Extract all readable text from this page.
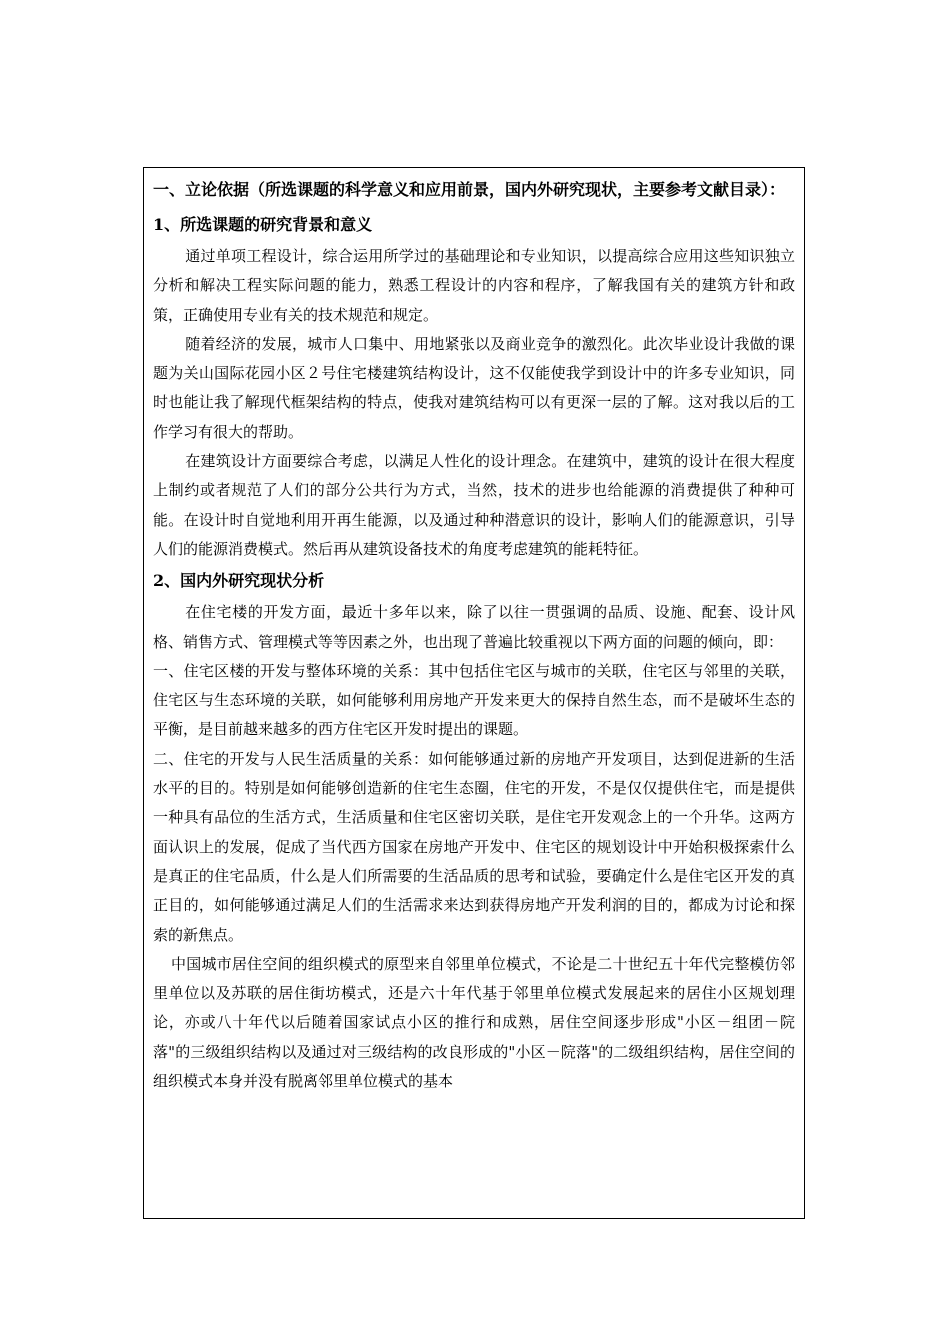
一、立论依据（所选课题的科学意义和应用前景，国内外研究现状，主要参考文献目录）：

1、所选课题的研究背景和意义

通过单项工程设计，综合运用所学过的基础理论和专业知识，以提高综合应用这些知识独立分析和解决工程实际问题的能力，熟悉工程设计的内容和程序，了解我国有关的建筑方针和政策，正确使用专业有关的技术规范和规定。

随着经济的发展，城市人口集中、用地紧张以及商业竞争的激烈化。此次毕业设计我做的课题为关山国际花园小区２号住宅楼建筑结构设计，这不仅能使我学到设计中的许多专业知识，同时也能让我了解现代框架结构的特点，使我对建筑结构可以有更深一层的了解。这对我以后的工作学习有很大的帮助。

在建筑设计方面要综合考虑，以满足人性化的设计理念。在建筑中，建筑的设计在很大程度上制约或者规范了人们的部分公共行为方式，当然，技术的进步也给能源的消费提供了种种可能。在设计时自觉地利用开再生能源，以及通过种种潜意识的设计，影响人们的能源意识，引导人们的能源消费模式。然后再从建筑设备技术的角度考虑建筑的能耗特征。

2、国内外研究现状分析

在住宅楼的开发方面，最近十多年以来，除了以往一贯强调的品质、设施、配套、设计风格、销售方式、管理模式等等因素之外，也出现了普遍比较重视以下两方面的问题的倾向，即：

一、住宅区楼的开发与整体环境的关系：其中包括住宅区与城市的关联，住宅区与邻里的关联，住宅区与生态环境的关联，如何能够利用房地产开发来更大的保持自然生态，而不是破坏生态的平衡，是目前越来越多的西方住宅区开发时提出的课题。

二、住宅的开发与人民生活质量的关系：如何能够通过新的房地产开发项目，达到促进新的生活水平的目的。特别是如何能够创造新的住宅生态圈，住宅的开发，不是仅仅提供住宅，而是提供一种具有品位的生活方式，生活质量和住宅区密切关联，是住宅开发观念上的一个升华。这两方面认识上的发展，促成了当代西方国家在房地产开发中、住宅区的规划设计中开始积极探索什么是真正的住宅品质，什么是人们所需要的生活品质的思考和试验，要确定什么是住宅区开发的真正目的，如何能够通过满足人们的生活需求来达到获得房地产开发利润的目的，都成为讨论和探索的新焦点。

中国城市居住空间的组织模式的原型来自邻里单位模式，不论是二十世纪五十年代完整模仿邻里单位以及苏联的居住街坊模式，还是六十年代基于邻里单位模式发展起来的居住小区规划理论，亦或八十年代以后随着国家试点小区的推行和成熟，居住空间逐步形成"小区－组团－院落"的三级组织结构以及通过对三级结构的改良形成的"小区－院落"的二级组织结构，居住空间的组织模式本身并没有脱离邻里单位模式的基本
